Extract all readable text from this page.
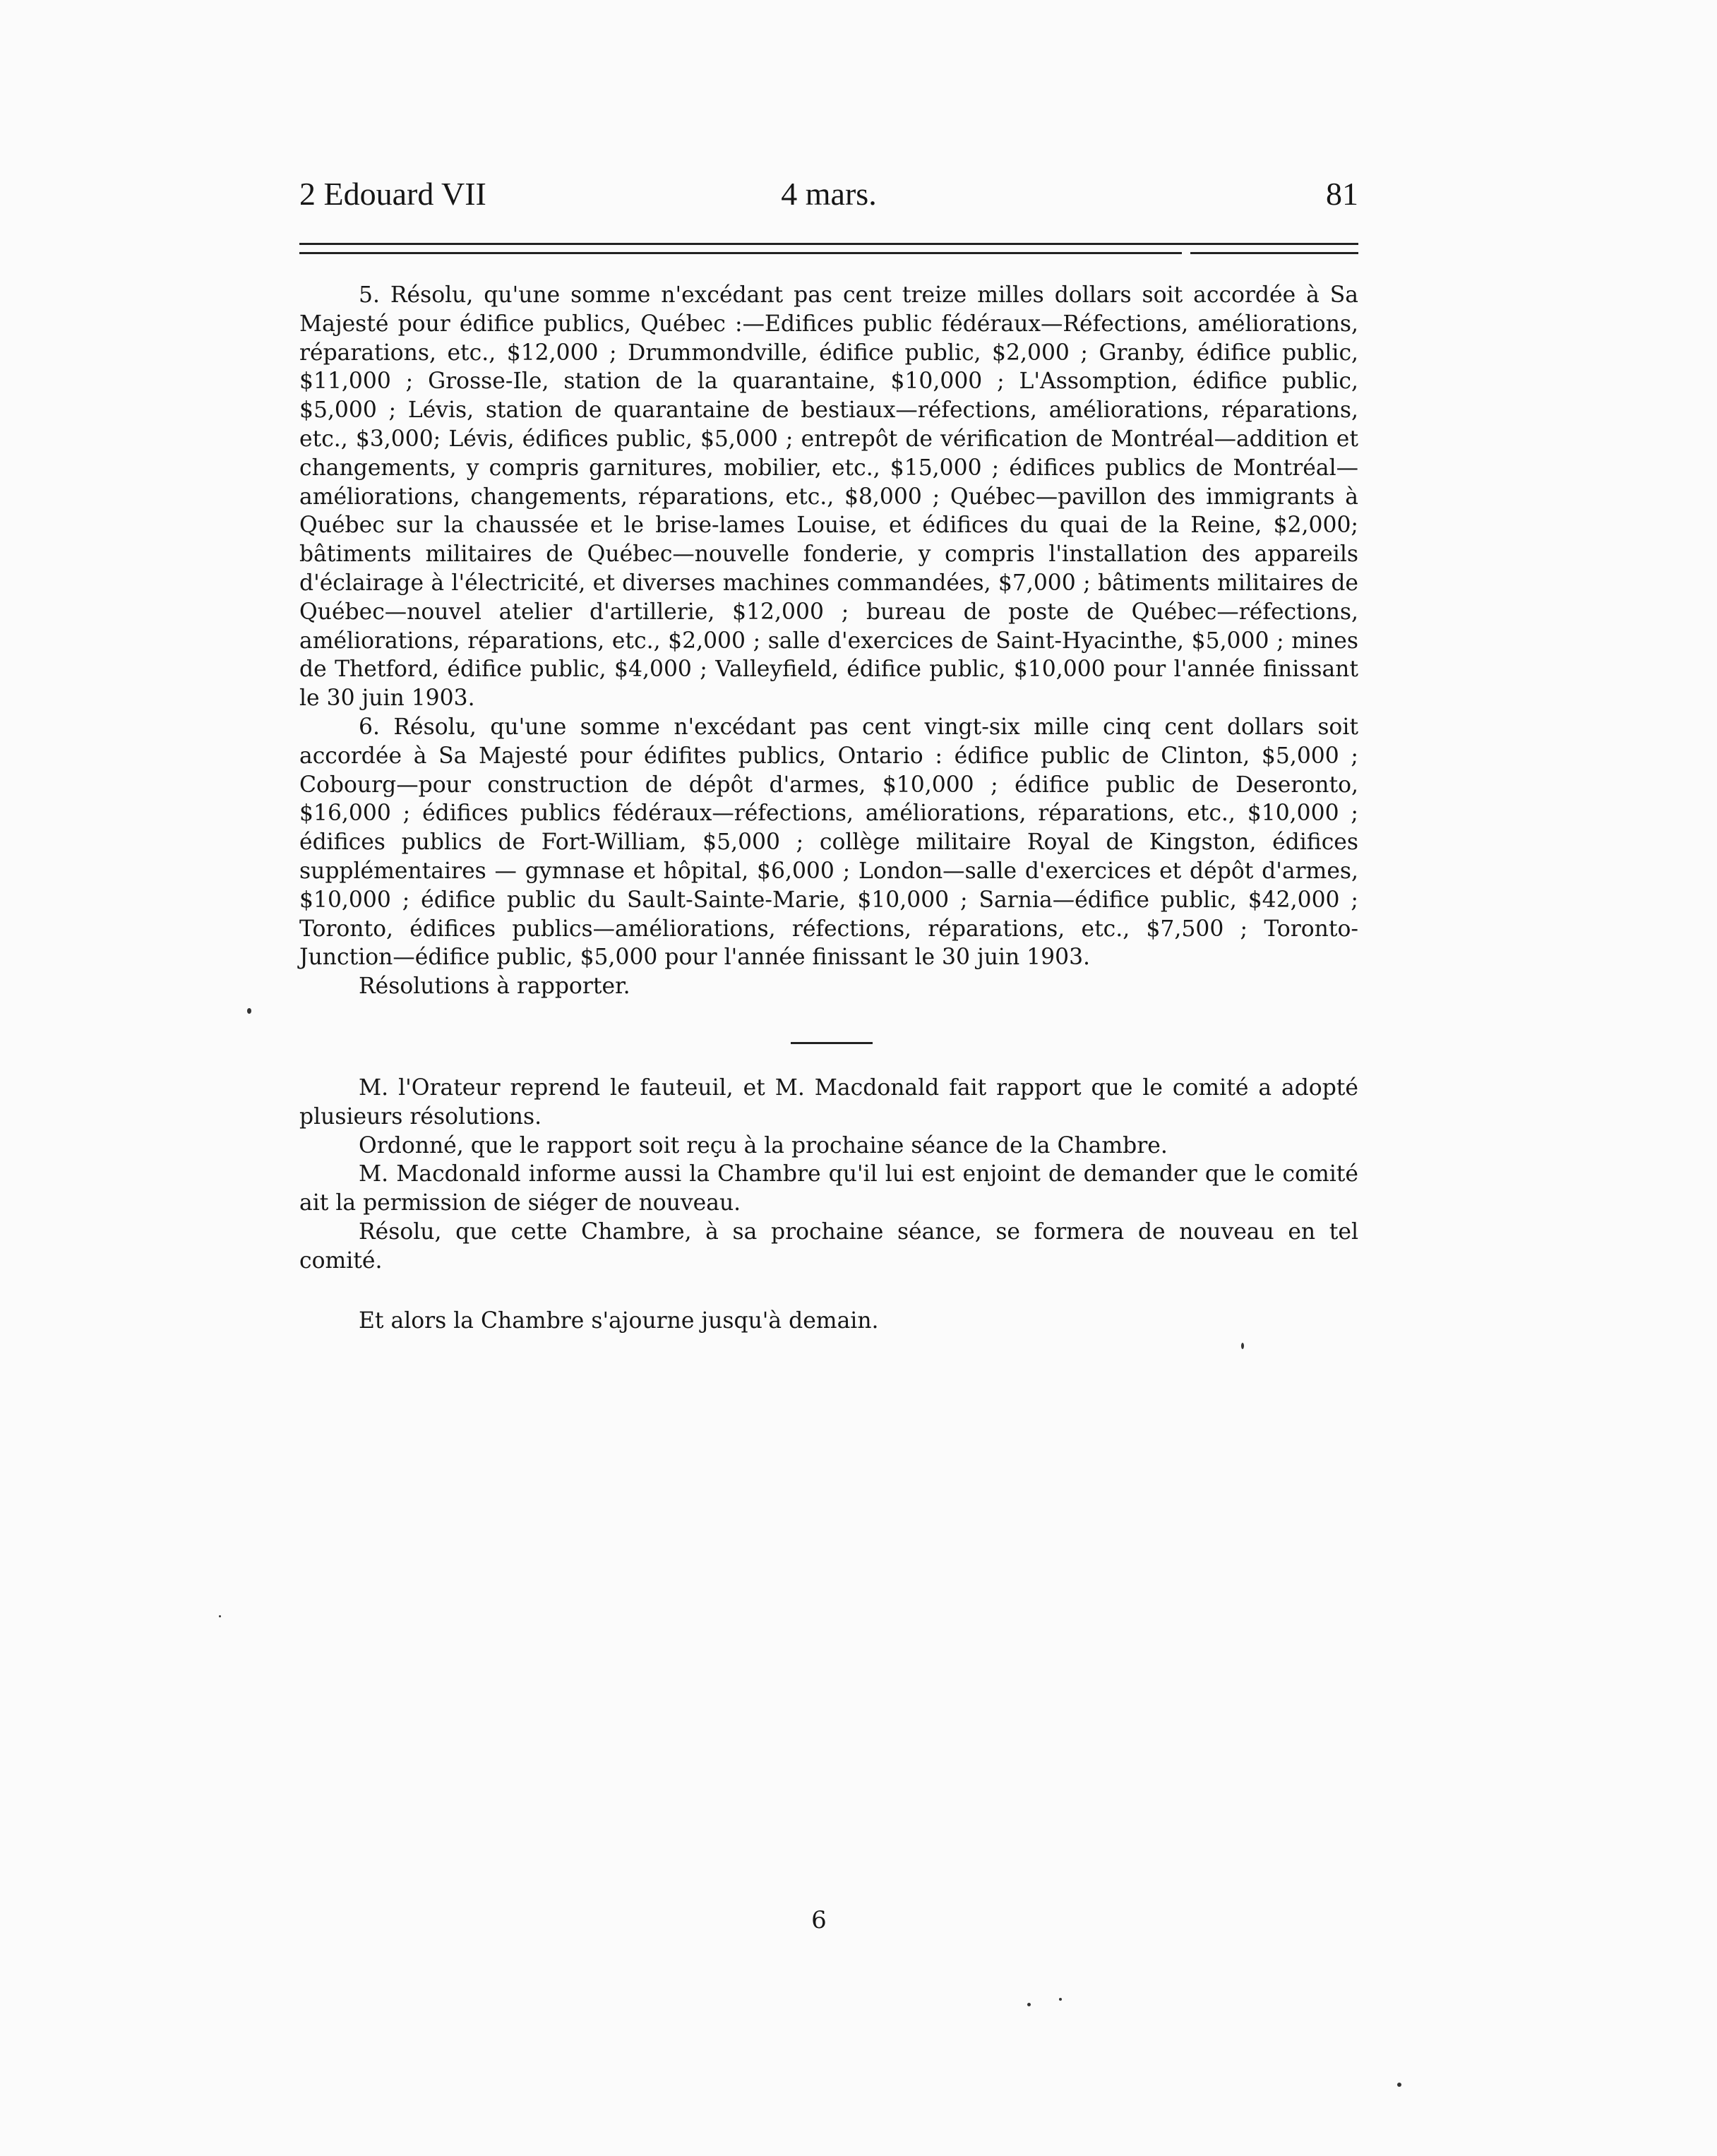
2 Edouard VII	4 mars.	81

5. Résolu, qu'une somme n'excédant pas cent treize milles dollars soit accordée à Sa Majesté pour édifice publics, Québec :—Edifices public fédéraux—Réfections, améliorations, réparations, etc., $12,000 ; Drummondville, édifice public, $2,000 ; Granby, édifice public, $11,000 ; Grosse-Ile, station de la quarantaine, $10,000 ; L'Assomption, édifice public, $5,000 ; Lévis, station de quarantaine de bestiaux—réfections, améliorations, réparations, etc., $3,000; Lévis, édifices public, $5,000 ; entrepôt de vérification de Montréal—addition et changements, y compris garnitures, mobilier, etc., $15,000 ; édifices publics de Montréal—améliorations, changements, réparations, etc., $8,000 ; Québec—pavillon des immigrants à Québec sur la chaussée et le brise-lames Louise, et édifices du quai de la Reine, $2,000; bâtiments militaires de Québec—nouvelle fonderie, y compris l'installation des appareils d'éclairage à l'électricité, et diverses machines commandées, $7,000 ; bâtiments militaires de Québec—nouvel atelier d'artillerie, $12,000 ; bureau de poste de Québec—réfections, améliorations, réparations, etc., $2,000 ; salle d'exercices de Saint-Hyacinthe, $5,000 ; mines de Thetford, édifice public, $4,000 ; Valleyfield, édifice public, $10,000 pour l'année finissant le 30 juin 1903.

6. Résolu, qu'une somme n'excédant pas cent vingt-six mille cinq cent dollars soit accordée à Sa Majesté pour édifites publics, Ontario : édifice public de Clinton, $5,000 ; Cobourg—pour construction de dépôt d'armes, $10,000 ; édifice public de Deseronto, $16,000 ; édifices publics fédéraux—réfections, améliorations, réparations, etc., $10,000 ; édifices publics de Fort-William, $5,000 ; collège militaire Royal de Kingston, édifices supplémentaires — gymnase et hôpital, $6,000 ; London—salle d'exercices et dépôt d'armes, $10,000 ; édifice public du Sault-Sainte-Marie, $10,000 ; Sarnia—édifice public, $42,000 ; Toronto, édifices publics—améliorations, réfections, réparations, etc., $7,500 ; Toronto-Junction—édifice public, $5,000 pour l'année finissant le 30 juin 1903.

Résolutions à rapporter.

M. l'Orateur reprend le fauteuil, et M. Macdonald fait rapport que le comité a adopté plusieurs résolutions.

Ordonné, que le rapport soit reçu à la prochaine séance de la Chambre.

M. Macdonald informe aussi la Chambre qu'il lui est enjoint de demander que le comité ait la permission de siéger de nouveau.

Résolu, que cette Chambre, à sa prochaine séance, se formera de nouveau en tel comité.

Et alors la Chambre s'ajourne jusqu'à demain.

6
